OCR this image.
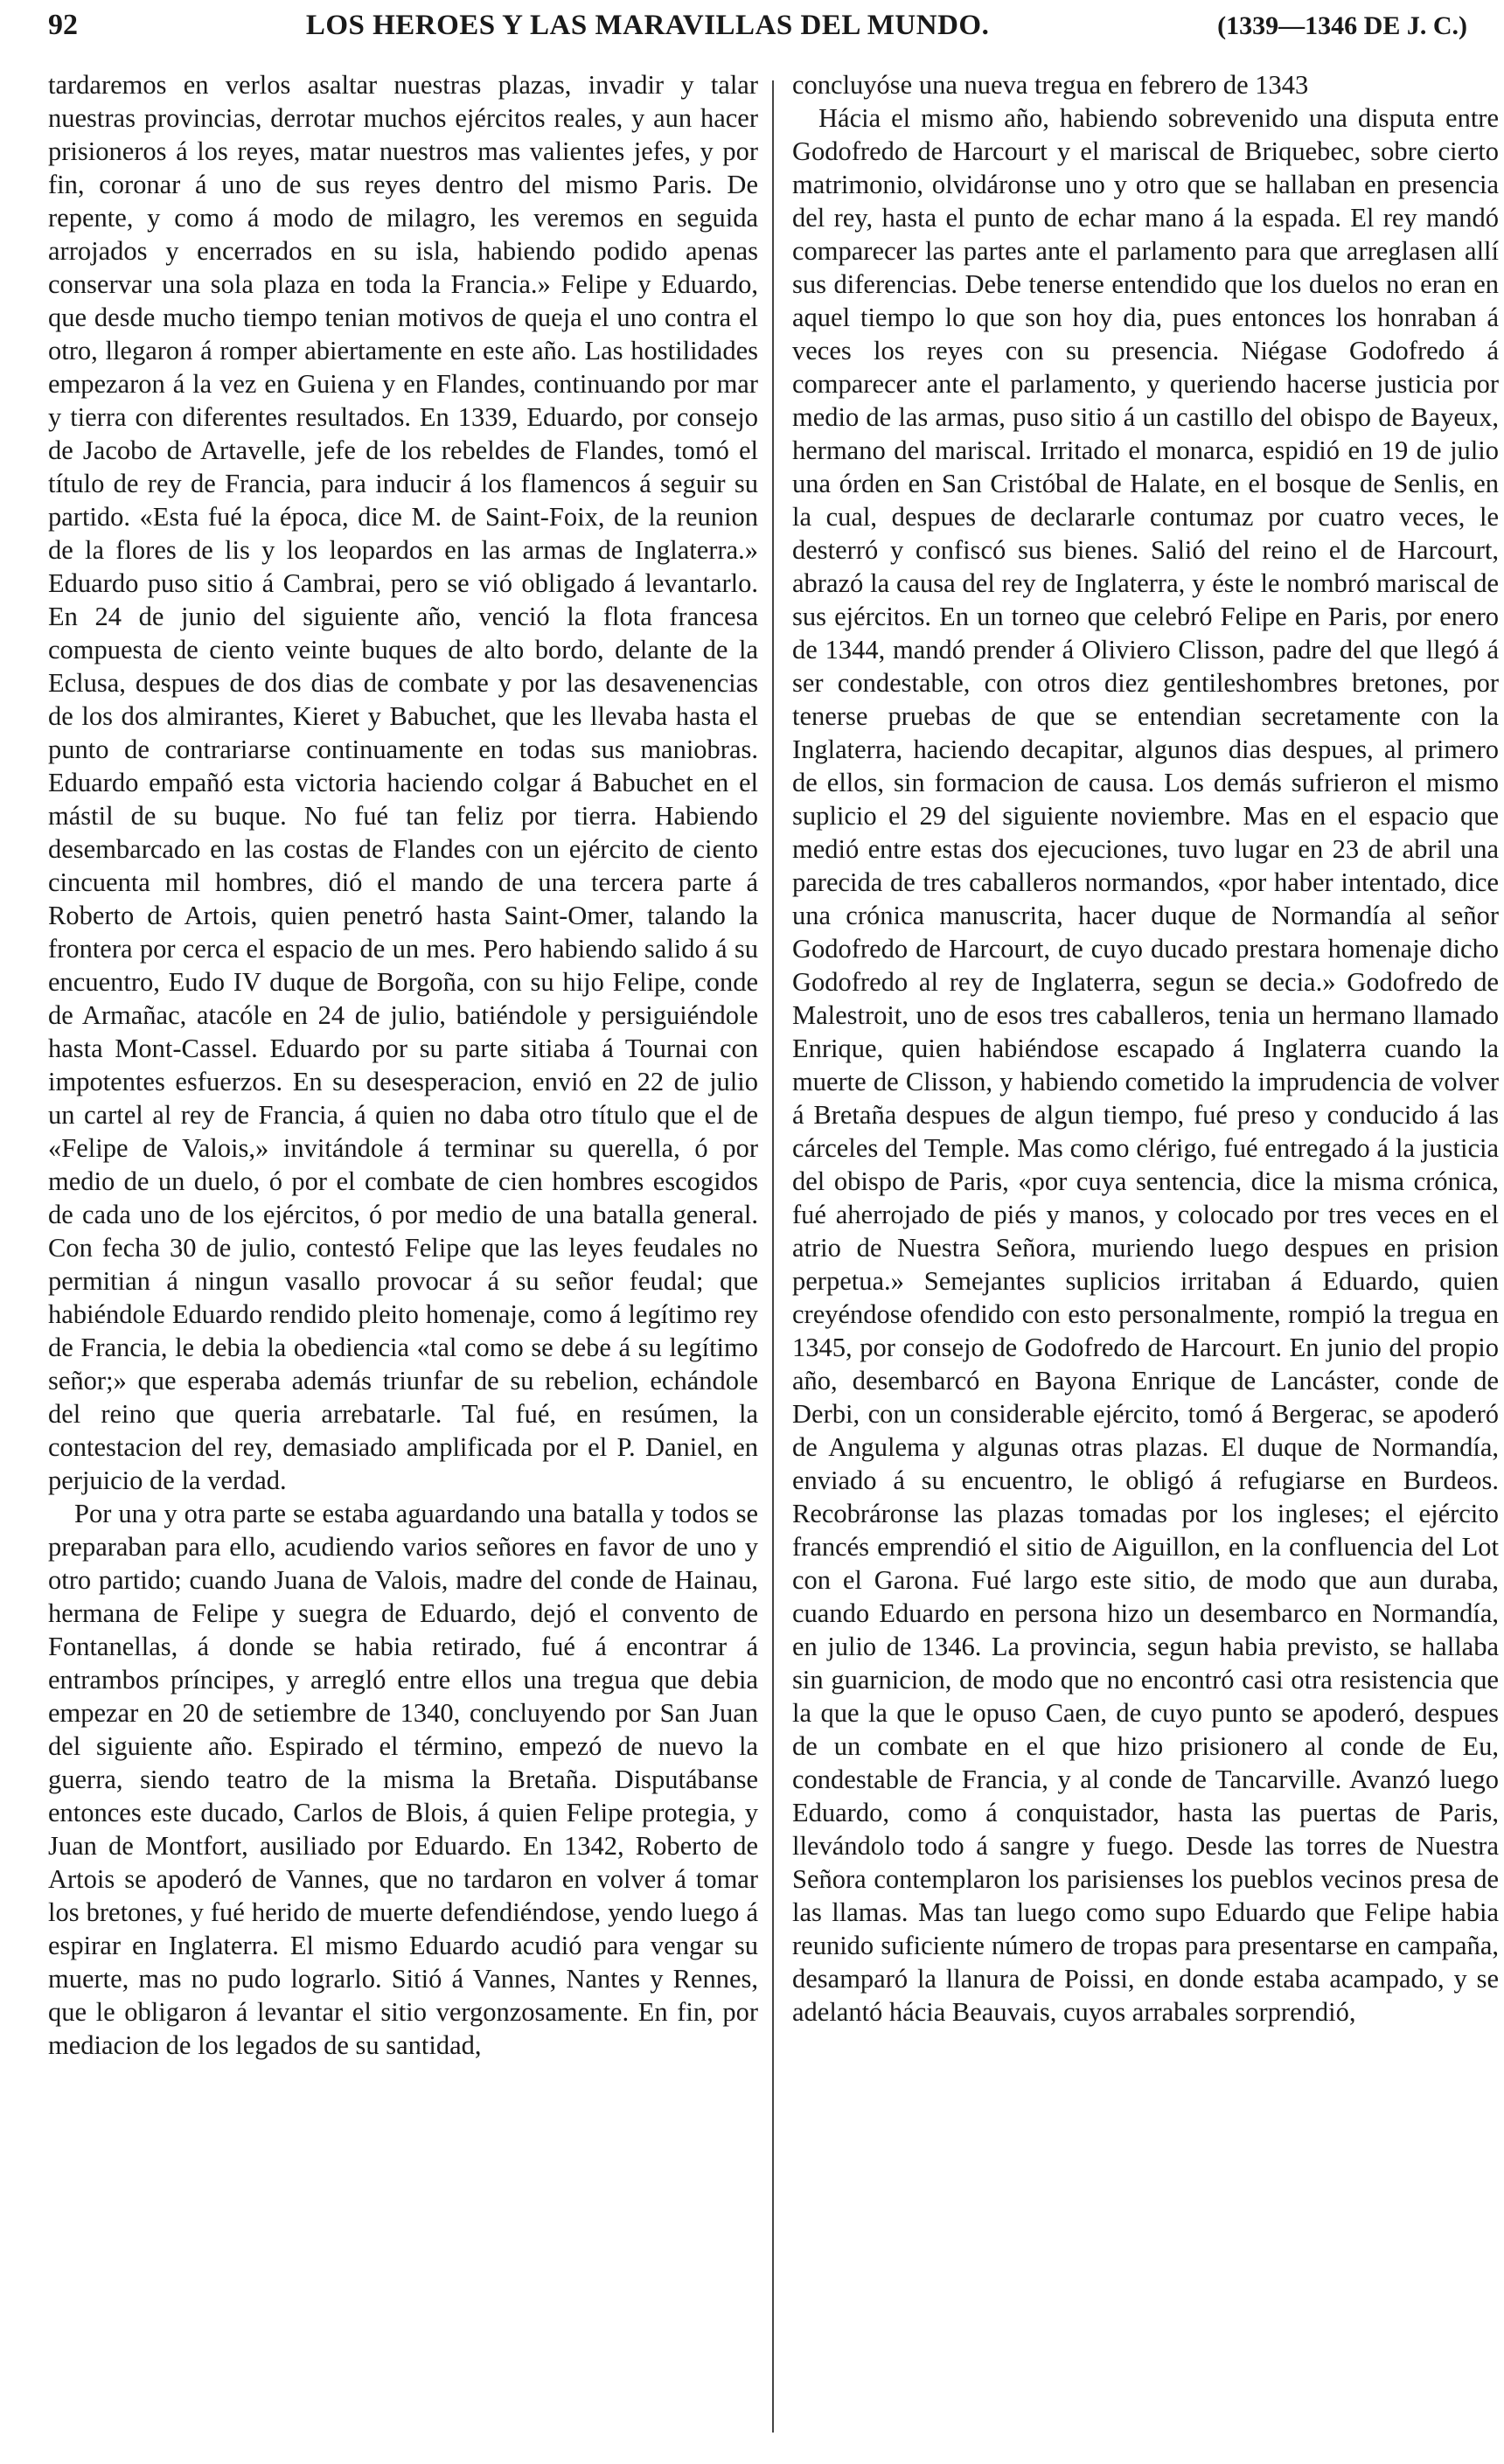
92	LOS HEROES Y LAS MARAVILLAS DEL MUNDO.	(1339—1346 DE J. C.)

tardaremos en verlos asaltar nuestras plazas, invadir y talar nuestras provincias, derrotar muchos ejércitos reales, y aun hacer prisioneros á los reyes, matar nuestros mas valientes jefes, y por fin, coronar á uno de sus reyes dentro del mismo Paris. De repente, y como á modo de milagro, les veremos en seguida arrojados y encerrados en su isla, habiendo podido apenas conservar una sola plaza en toda la Francia.» Felipe y Eduardo, que desde mucho tiempo tenian motivos de queja el uno contra el otro, llegaron á romper abiertamente en este año. Las hostilidades empezaron á la vez en Guiena y en Flandes, continuando por mar y tierra con diferentes resultados. En 1339, Eduardo, por consejo de Jacobo de Artavelle, jefe de los rebeldes de Flandes, tomó el título de rey de Francia, para inducir á los flamencos á seguir su partido. «Esta fué la época, dice M. de Saint-Foix, de la reunion de la flores de lis y los leopardos en las armas de Inglaterra.» Eduardo puso sitio á Cambrai, pero se vió obligado á levantarlo. En 24 de junio del siguiente año, venció la flota francesa compuesta de ciento veinte buques de alto bordo, delante de la Eclusa, despues de dos dias de combate y por las desavenencias de los dos almirantes, Kieret y Babuchet, que les llevaba hasta el punto de contrariarse continuamente en todas sus maniobras. Eduardo empañó esta victoria haciendo colgar á Babuchet en el mástil de su buque. No fué tan feliz por tierra. Habiendo desembarcado en las costas de Flandes con un ejército de ciento cincuenta mil hombres, dió el mando de una tercera parte á Roberto de Artois, quien penetró hasta Saint-Omer, talando la frontera por cerca el espacio de un mes. Pero habiendo salido á su encuentro, Eudo IV duque de Borgoña, con su hijo Felipe, conde de Armañac, atacóle en 24 de julio, batiéndole y persiguiéndole hasta Mont-Cassel. Eduardo por su parte sitiaba á Tournai con impotentes esfuerzos. En su desesperacion, envió en 22 de julio un cartel al rey de Francia, á quien no daba otro título que el de «Felipe de Valois,» invitándole á terminar su querella, ó por medio de un duelo, ó por el combate de cien hombres escogidos de cada uno de los ejércitos, ó por medio de una batalla general. Con fecha 30 de julio, contestó Felipe que las leyes feudales no permitian á ningun vasallo provocar á su señor feudal; que habiéndole Eduardo rendido pleito homenaje, como á legítimo rey de Francia, le debia la obediencia «tal como se debe á su legítimo señor;» que esperaba además triunfar de su rebelion, echándole del reino que queria arrebatarle. Tal fué, en resúmen, la contestacion del rey, demasiado amplificada por el P. Daniel, en perjuicio de la verdad.

Por una y otra parte se estaba aguardando una batalla y todos se preparaban para ello, acudiendo varios señores en favor de uno y otro partido; cuando Juana de Valois, madre del conde de Hainau, hermana de Felipe y suegra de Eduardo, dejó el convento de Fontanellas, á donde se habia retirado, fué á encontrar á entrambos príncipes, y arregló entre ellos una tregua que debia empezar en 20 de setiembre de 1340, concluyendo por San Juan del siguiente año. Espirado el término, empezó de nuevo la guerra, siendo teatro de la misma la Bretaña. Disputábanse entonces este ducado, Carlos de Blois, á quien Felipe protegia, y Juan de Montfort, ausiliado por Eduardo. En 1342, Roberto de Artois se apoderó de Vannes, que no tardaron en volver á tomar los bretones, y fué herido de muerte defendiéndose, yendo luego á espirar en Inglaterra. El mismo Eduardo acudió para vengar su muerte, mas no pudo lograrlo. Sitió á Vannes, Nantes y Rennes, que le obligaron á levantar el sitio vergonzosamente. En fin, por mediacion de los legados de su santidad,

concluyóse una nueva tregua en febrero de 1343

Hácia el mismo año, habiendo sobrevenido una disputa entre Godofredo de Harcourt y el mariscal de Briquebec, sobre cierto matrimonio, olvidáronse uno y otro que se hallaban en presencia del rey, hasta el punto de echar mano á la espada. El rey mandó comparecer las partes ante el parlamento para que arreglasen allí sus diferencias. Debe tenerse entendido que los duelos no eran en aquel tiempo lo que son hoy dia, pues entonces los honraban á veces los reyes con su presencia. Niégase Godofredo á comparecer ante el parlamento, y queriendo hacerse justicia por medio de las armas, puso sitio á un castillo del obispo de Bayeux, hermano del mariscal. Irritado el monarca, espidió en 19 de julio una órden en San Cristóbal de Halate, en el bosque de Senlis, en la cual, despues de declararle contumaz por cuatro veces, le desterró y confiscó sus bienes. Salió del reino el de Harcourt, abrazó la causa del rey de Inglaterra, y éste le nombró mariscal de sus ejércitos. En un torneo que celebró Felipe en Paris, por enero de 1344, mandó prender á Oliviero Clisson, padre del que llegó á ser condestable, con otros diez gentileshombres bretones, por tenerse pruebas de que se entendian secretamente con la Inglaterra, haciendo decapitar, algunos dias despues, al primero de ellos, sin formacion de causa. Los demás sufrieron el mismo suplicio el 29 del siguiente noviembre. Mas en el espacio que medió entre estas dos ejecuciones, tuvo lugar en 23 de abril una parecida de tres caballeros normandos, «por haber intentado, dice una crónica manuscrita, hacer duque de Normandía al señor Godofredo de Harcourt, de cuyo ducado prestara homenaje dicho Godofredo al rey de Inglaterra, segun se decia.» Godofredo de Malestroit, uno de esos tres caballeros, tenia un hermano llamado Enrique, quien habiéndose escapado á Inglaterra cuando la muerte de Clisson, y habiendo cometido la imprudencia de volver á Bretaña despues de algun tiempo, fué preso y conducido á las cárceles del Temple. Mas como clérigo, fué entregado á la justicia del obispo de Paris, «por cuya sentencia, dice la misma crónica, fué aherrojado de piés y manos, y colocado por tres veces en el atrio de Nuestra Señora, muriendo luego despues en prision perpetua.» Semejantes suplicios irritaban á Eduardo, quien creyéndose ofendido con esto personalmente, rompió la tregua en 1345, por consejo de Godofredo de Harcourt. En junio del propio año, desembarcó en Bayona Enrique de Lancáster, conde de Derbi, con un considerable ejército, tomó á Bergerac, se apoderó de Angulema y algunas otras plazas. El duque de Normandía, enviado á su encuentro, le obligó á refugiarse en Burdeos. Recobráronse las plazas tomadas por los ingleses; el ejército francés emprendió el sitio de Aiguillon, en la confluencia del Lot con el Garona. Fué largo este sitio, de modo que aun duraba, cuando Eduardo en persona hizo un desembarco en Normandía, en julio de 1346. La provincia, segun habia previsto, se hallaba sin guarnicion, de modo que no encontró casi otra resistencia que la que la que le opuso Caen, de cuyo punto se apoderó, despues de un combate en el que hizo prisionero al conde de Eu, condestable de Francia, y al conde de Tancarville. Avanzó luego Eduardo, como á conquistador, hasta las puertas de Paris, llevándolo todo á sangre y fuego. Desde las torres de Nuestra Señora contemplaron los parisienses los pueblos vecinos presa de las llamas. Mas tan luego como supo Eduardo que Felipe habia reunido suficiente número de tropas para presentarse en campaña, desamparó la llanura de Poissi, en donde estaba acampado, y se adelantó hácia Beauvais, cuyos arrabales sorprendió,
